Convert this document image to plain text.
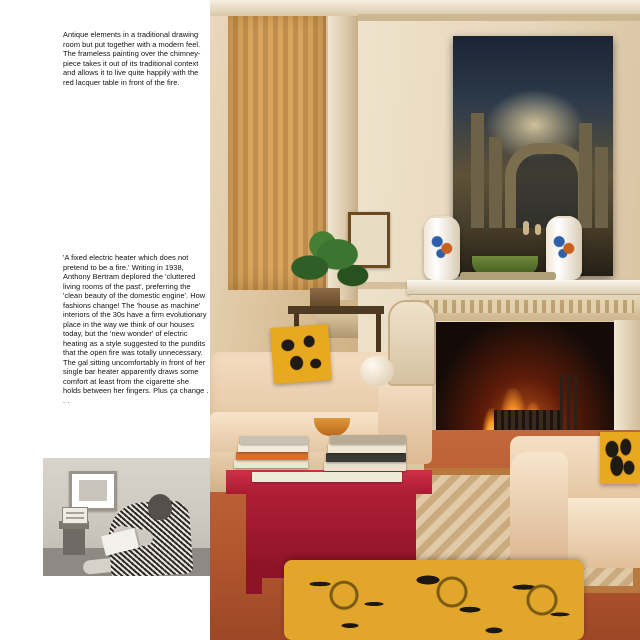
Antique elements in a traditional drawing room but put together with a modern feel. The frameless painting over the chimney-piece takes it out of its traditional context and allows it to live quite happily with the red lacquer table in front of the fire.
'A fixed electric heater which does not pretend to be a fire.' Writing in 1938, Anthony Bertram deplored the 'cluttered living rooms of the past', preferring the 'clean beauty of the domestic engine'. How fashions change! The 'house as machine' interiors of the 30s have a firm evolutionary place in the way we think of our houses today, but the 'new wonder' of electric heating as a style suggested to the pundits that the open fire was totally unnecessary. The gal sitting uncomfortably in front of her single bar heater apparently draws some comfort at least from the cigarette she holds between her fingers. Plus ça change . . .
